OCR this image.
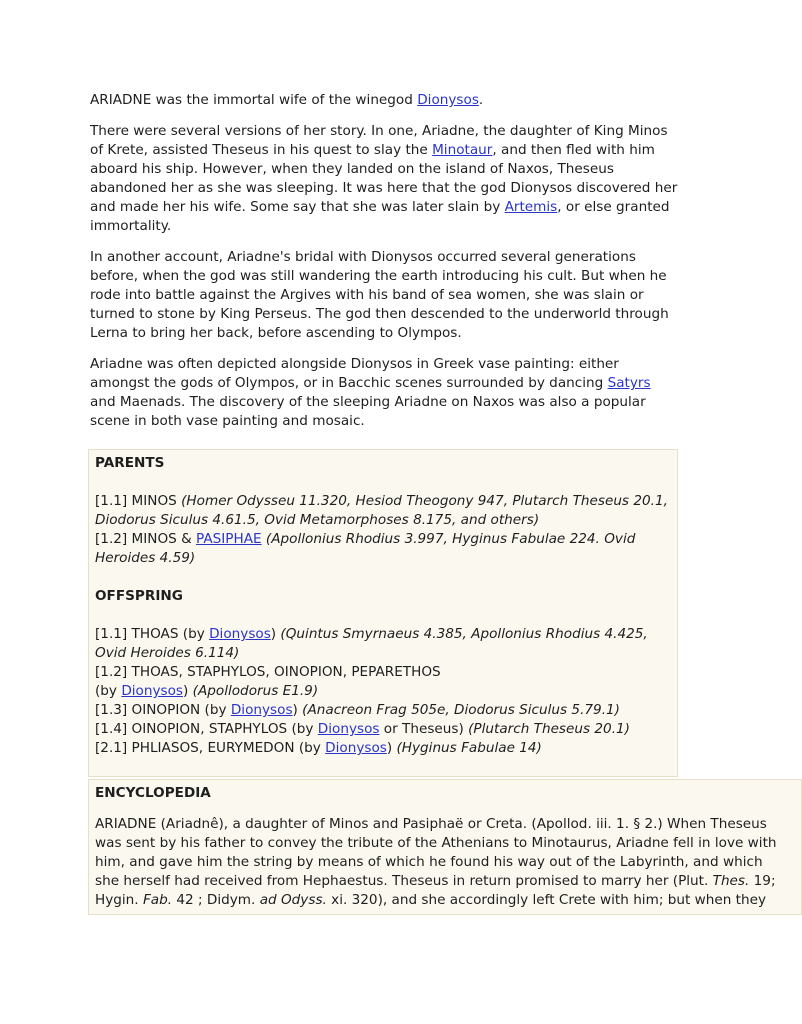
ARIADNE was the immortal wife of the winegod Dionysos.

There were several versions of her story. In one, Ariadne, the daughter of King Minos of Krete, assisted Theseus in his quest to slay the Minotaur, and then fled with him aboard his ship. However, when they landed on the island of Naxos, Theseus abandoned her as she was sleeping. It was here that the god Dionysos discovered her and made her his wife. Some say that she was later slain by Artemis, or else granted immortality.

In another account, Ariadne's bridal with Dionysos occurred several generations before, when the god was still wandering the earth introducing his cult. But when he rode into battle against the Argives with his band of sea women, she was slain or turned to stone by King Perseus. The god then descended to the underworld through Lerna to bring her back, before ascending to Olympos.

Ariadne was often depicted alongside Dionysos in Greek vase painting: either amongst the gods of Olympos, or in Bacchic scenes surrounded by dancing Satyrs and Maenads. The discovery of the sleeping Ariadne on Naxos was also a popular scene in both vase painting and mosaic.

PARENTS

[1.1] MINOS (Homer Odysseu 11.320, Hesiod Theogony 947, Plutarch Theseus 20.1, Diodorus Siculus 4.61.5, Ovid Metamorphoses 8.175, and others)

[1.2] MINOS & PASIPHAE (Apollonius Rhodius 3.997, Hyginus Fabulae 224. Ovid Heroides 4.59)

OFFSPRING

[1.1] THOAS (by Dionysos) (Quintus Smyrnaeus 4.385, Apollonius Rhodius 4.425, Ovid Heroides 6.114)

[1.2] THOAS, STAPHYLOS, OINOPION, PEPARETHOS

(by Dionysos) (Apollodorus E1.9)

[1.3] OINOPION (by Dionysos) (Anacreon Frag 505e, Diodorus Siculus 5.79.1)

[1.4] OINOPION, STAPHYLOS (by Dionysos or Theseus) (Plutarch Theseus 20.1)

[2.1] PHLIASOS, EURYMEDON (by Dionysos) (Hyginus Fabulae 14)

ENCYCLOPEDIA

ARIADNE (Ariadnê), a daughter of Minos and Pasiphaë or Creta. (Apollod. iii. 1. § 2.) When Theseus

was sent by his father to convey the tribute of the Athenians to Minotaurus, Ariadne fell in love with

him, and gave him the string by means of which he found his way out of the Labyrinth, and which

she herself had received from Hephaestus. Theseus in return promised to marry her (Plut. Thes. 19;

Hygin. Fab. 42 ; Didym. ad Odyss. xi. 320), and she accordingly left Crete with him; but when they
